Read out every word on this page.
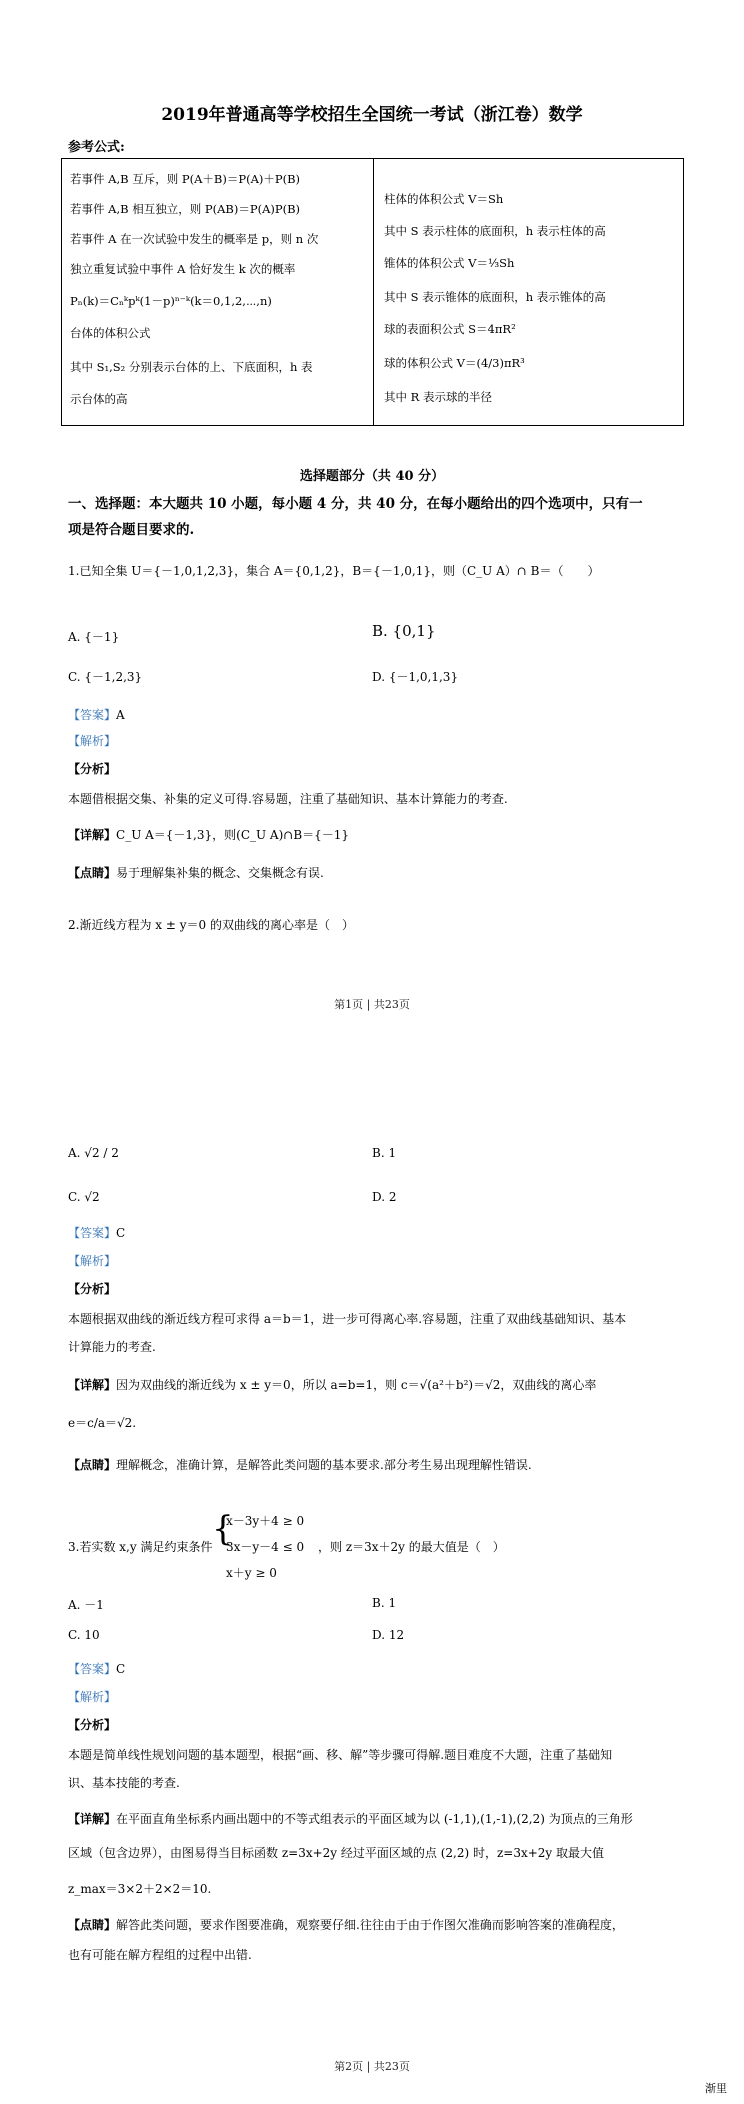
2019年普通高等学校招生全国统一考试（浙江卷）数学
参考公式:
若事件 A,B 互斥，则 P(A＋B)＝P(A)＋P(B)
若事件 A,B 相互独立，则 P(AB)＝P(A)P(B)
若事件 A 在一次试验中发生的概率是 p，则 n 次
独立重复试验中事件 A 恰好发生 k 次的概率
Pₙ(k)＝Cₙᵏpᵏ(1－p)ⁿ⁻ᵏ(k＝0,1,2,⋯,n)
台体的体积公式
其中 S₁,S₂ 分别表示台体的上、下底面积，h 表
示台体的高
柱体的体积公式 V＝Sh
其中 S 表示柱体的底面积，h 表示柱体的高
锥体的体积公式 V＝⅓Sh
其中 S 表示锥体的底面积，h 表示锥体的高
球的表面积公式 S＝4πR²
球的体积公式 V＝(4/3)πR³
其中 R 表示球的半径
选择题部分（共 40 分）
一、选择题：本大题共 10 小题，每小题 4 分，共 40 分，在每小题给出的四个选项中，只有一
项是符合题目要求的.
1.已知全集 U＝{－1,0,1,2,3}，集合 A＝{0,1,2}，B＝{－1,0,1}，则（C_U A）∩ B＝（　　）
A. {－1}	B. {0,1}
C. {－1,2,3}	D. {－1,0,1,3}
【答案】A
【解析】
【分析】
本题借根据交集、补集的定义可得.容易题，注重了基础知识、基本计算能力的考查.
【详解】C_U A＝{－1,3}，则(C_U A)∩B＝{－1}
【点睛】易于理解集补集的概念、交集概念有误.
2.渐近线方程为 x ± y＝0 的双曲线的离心率是（　）
第1页 | 共23页
A. √2 / 2	B. 1
C. √2	D. 2
【答案】C
【解析】
【分析】
本题根据双曲线的渐近线方程可求得 a＝b＝1，进一步可得离心率.容易题，注重了双曲线基础知识、基本
计算能力的考查.
【详解】因为双曲线的渐近线为 x ± y＝0，所以 a=b=1，则 c＝√(a²＋b²)＝√2，双曲线的离心率
e＝c/a＝√2.
【点睛】理解概念，准确计算，是解答此类问题的基本要求.部分考生易出现理解性错误.
3.若实数 x,y 满足约束条件 {
x－3y＋4 ≥ 0
3x－y－4 ≤ 0
x＋y ≥ 0
，则 z＝3x＋2y 的最大值是（　）
A. －1	B. 1
C. 10	D. 12
【答案】C
【解析】
【分析】
本题是简单线性规划问题的基本题型，根据“画、移、解”等步骤可得解.题目难度不大题，注重了基础知
识、基本技能的考查.
【详解】在平面直角坐标系内画出题中的不等式组表示的平面区域为以 (-1,1),(1,-1),(2,2) 为顶点的三角形
区域（包含边界），由图易得当目标函数 z=3x+2y 经过平面区域的点 (2,2) 时，z=3x+2y 取最大值
z_max＝3×2＋2×2＝10.
【点睛】解答此类问题，要求作图要准确，观察要仔细.往往由于由于作图欠准确而影响答案的准确程度，
也有可能在解方程组的过程中出错.
第2页 | 共23页
渐里
